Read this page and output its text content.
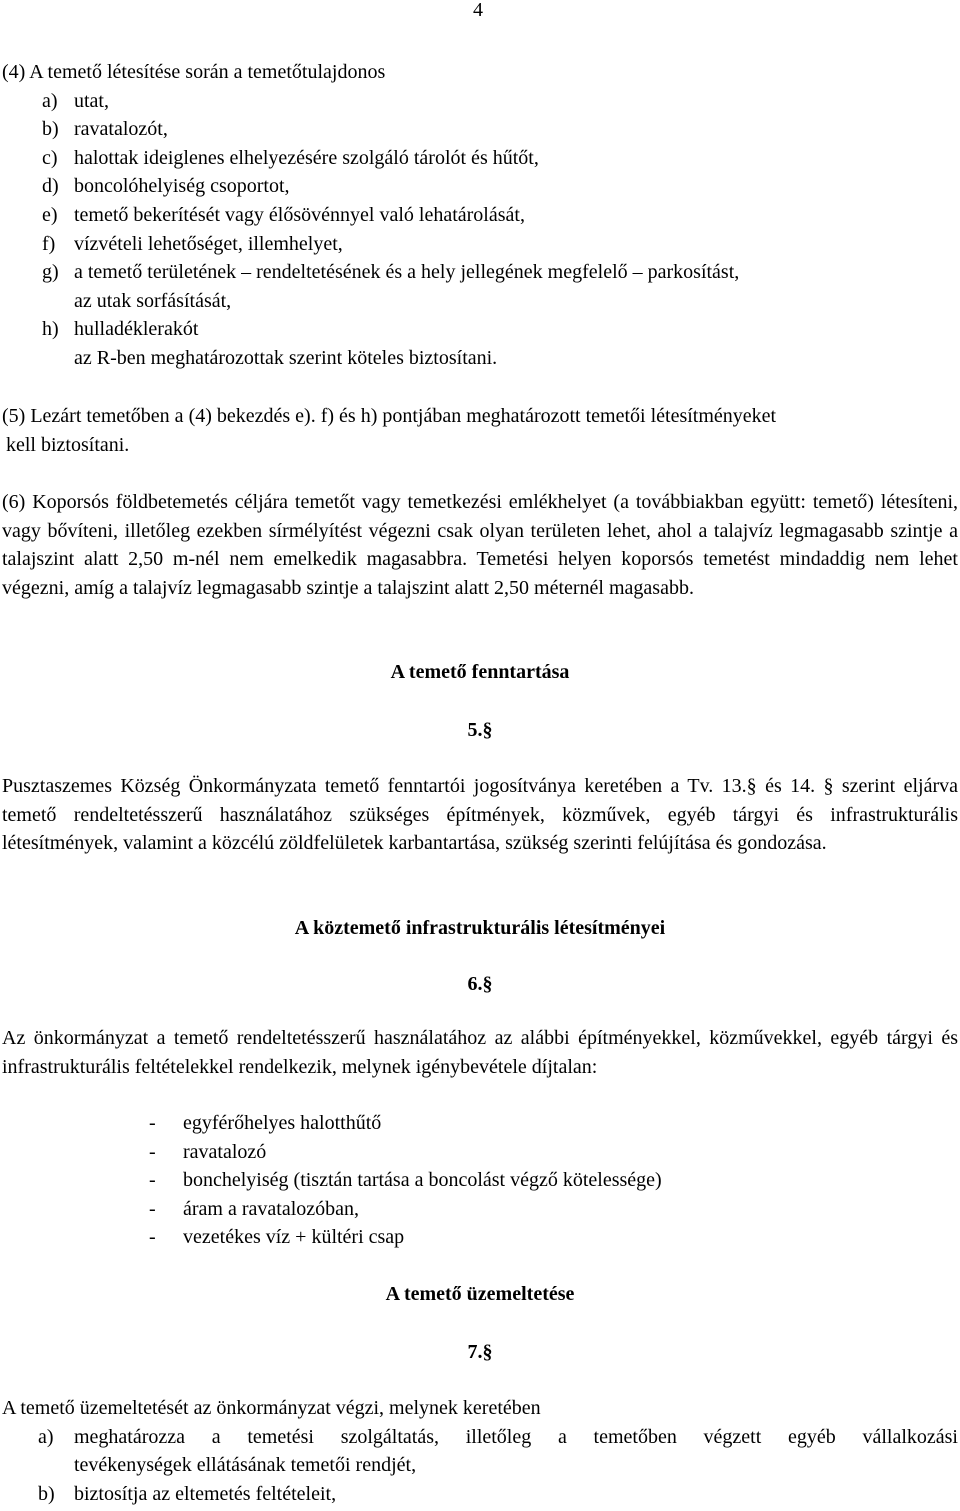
4
(4) A temető létesítése során a temetőtulajdonos
a) utat,
b) ravatalozót,
c) halottak ideiglenes elhelyezésére szolgáló tárolót és hűtőt,
d) boncolóhelyiség csoportot,
e) temető bekerítését vagy élősövénnyel való lehatárolását,
f) vízvételi lehetőséget, illemhelyet,
g) a temető területének – rendeltetésének és a hely jellegének megfelelő – parkosítást,
az utak sorfásítását,
h) hulladéklerakót
az R-ben meghatározottak szerint köteles biztosítani.
(5) Lezárt temetőben a (4) bekezdés e). f) és h) pontjában meghatározott temetői létesítményeket
kell biztosítani.
(6) Koporsós földbetemetés céljára temetőt vagy temetkezési emlékhelyet (a továbbiakban együtt: temető) létesíteni, vagy bővíteni, illetőleg ezekben sírmélyítést végezni csak olyan területen lehet, ahol a talajvíz legmagasabb szintje a talajszint alatt 2,50 m-nél nem emelkedik magasabbra. Temetési helyen koporsós temetést mindaddig nem lehet végezni, amíg a talajvíz legmagasabb szintje a talajszint alatt 2,50 méternél magasabb.
A temető fenntartása
5.§
Pusztaszemes Község Önkormányzata temető fenntartói jogosítványa keretében a Tv. 13.§ és 14. § szerint eljárva temető rendeltetésszerű használatához szükséges építmények, közművek, egyéb tárgyi és infrastrukturális létesítmények, valamint a közcélú zöldfelületek karbantartása, szükség szerinti felújítása és gondozása.
A köztemető infrastrukturális létesítményei
6.§
Az önkormányzat a temető rendeltetésszerű használatához az alábbi építményekkel, közművekkel, egyéb tárgyi és infrastrukturális feltételekkel rendelkezik, melynek igénybevétele díjtalan:
- egyférőhelyes halotthűtő
- ravatalozó
- bonchelyiség (tisztán tartása a boncolást végző kötelessége)
- áram a ravatalozóban,
- vezetékes víz + kültéri csap
A temető üzemeltetése
7.§
A temető üzemeltetését az önkormányzat végzi, melynek keretében
a) meghatározza a temetési szolgáltatás, illetőleg a temetőben végzett egyéb vállalkozási
tevékenységek ellátásának temetői rendjét,
b) biztosítja az eltemetés feltételeit,
